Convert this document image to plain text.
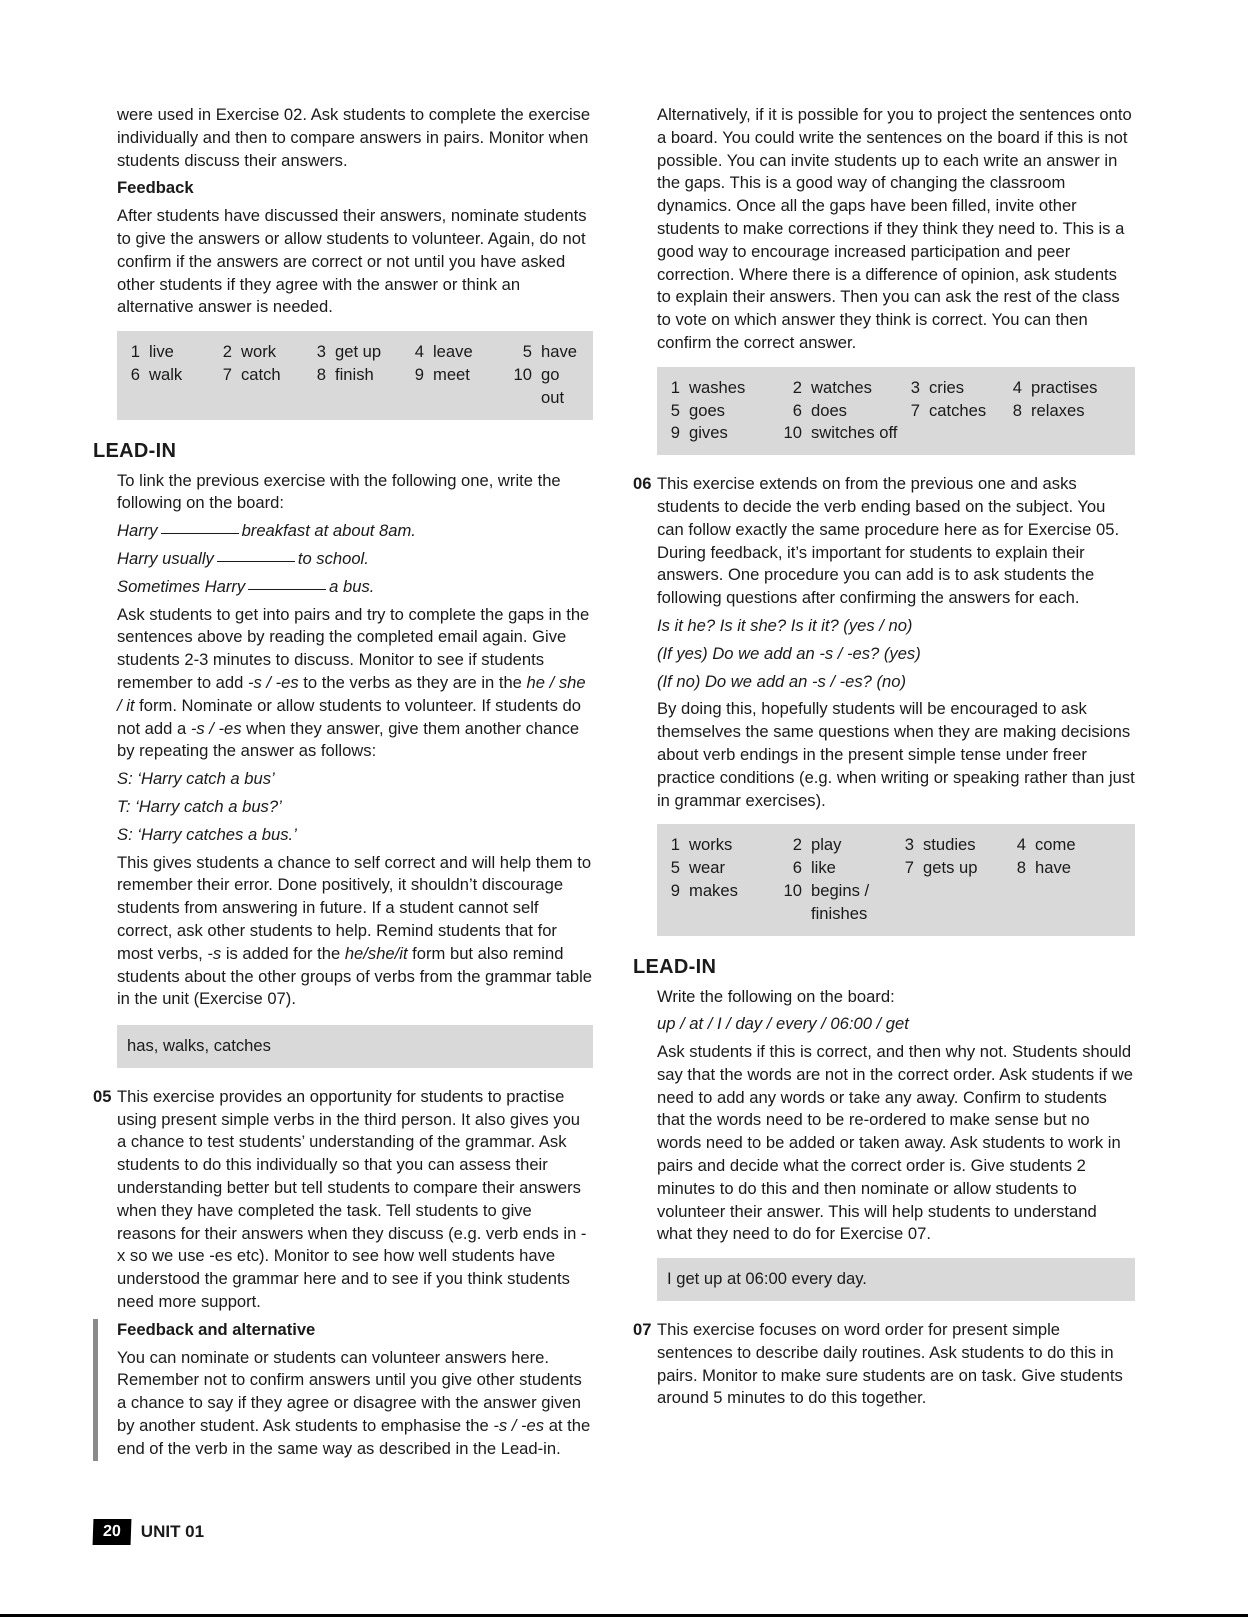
were used in Exercise 02. Ask students to complete the exercise individually and then to compare answers in pairs. Monitor when students discuss their answers.
Feedback
After students have discussed their answers, nominate students to give the answers or allow students to volunteer. Again, do not confirm if the answers are correct or not until you have asked other students if they agree with the answer or think an alternative answer is needed.
1 live	2 work	3 get up	4 leave	5 have
6 walk	7 catch	8 finish	9 meet	10 go out
LEAD-IN
To link the previous exercise with the following one, write the following on the board:
Harry	breakfast at about 8am.
Harry usually	to school.
Sometimes Harry	a bus.
Ask students to get into pairs and try to complete the gaps in the sentences above by reading the completed email again. Give students 2-3 minutes to discuss. Monitor to see if students remember to add -s / -es to the verbs as they are in the he / she / it form. Nominate or allow students to volunteer. If students do not add a -s / -es when they answer, give them another chance by repeating the answer as follows:
S: ‘Harry catch a bus’
T: ‘Harry catch a bus?’
S: ‘Harry catches a bus.’
This gives students a chance to self correct and will help them to remember their error. Done positively, it shouldn’t discourage students from answering in future. If a student cannot self correct, ask other students to help. Remind students that for most verbs, -s is added for the he/she/it form but also remind students about the other groups of verbs from the grammar table in the unit (Exercise 07).
has, walks, catches
05 This exercise provides an opportunity for students to practise using present simple verbs in the third person. It also gives you a chance to test students’ understanding of the grammar. Ask students to do this individually so that you can assess their understanding better but tell students to compare their answers when they have completed the task. Tell students to give reasons for their answers when they discuss (e.g. verb ends in -x so we use -es etc). Monitor to see how well students have understood the grammar here and to see if you think students need more support.
Feedback and alternative
You can nominate or students can volunteer answers here. Remember not to confirm answers until you give other students a chance to say if they agree or disagree with the answer given by another student. Ask students to emphasise the -s / -es at the end of the verb in the same way as described in the Lead-in.
Alternatively, if it is possible for you to project the sentences onto a board. You could write the sentences on the board if this is not possible. You can invite students up to each write an answer in the gaps. This is a good way of changing the classroom dynamics. Once all the gaps have been filled, invite other students to make corrections if they think they need to. This is a good way to encourage increased participation and peer correction. Where there is a difference of opinion, ask students to explain their answers. Then you can ask the rest of the class to vote on which answer they think is correct. You can then confirm the correct answer.
1 washes	2 watches	3 cries	4 practises
5 goes	6 does	7 catches	8 relaxes
9 gives	10 switches off
06 This exercise extends on from the previous one and asks students to decide the verb ending based on the subject. You can follow exactly the same procedure here as for Exercise 05. During feedback, it’s important for students to explain their answers. One procedure you can add is to ask students the following questions after confirming the answers for each.
Is it he? Is it she? Is it it? (yes / no)
(If yes) Do we add an -s / -es? (yes)
(If no) Do we add an -s / -es? (no)
By doing this, hopefully students will be encouraged to ask themselves the same questions when they are making decisions about verb endings in the present simple tense under freer practice conditions (e.g. when writing or speaking rather than just in grammar exercises).
1 works	2 play	3 studies	4 come
5 wear	6 like	7 gets up	8 have
9 makes	10 begins / finishes
LEAD-IN
Write the following on the board:
up / at / I / day / every / 06:00 / get
Ask students if this is correct, and then why not. Students should say that the words are not in the correct order. Ask students if we need to add any words or take any away. Confirm to students that the words need to be re-ordered to make sense but no words need to be added or taken away. Ask students to work in pairs and decide what the correct order is. Give students 2 minutes to do this and then nominate or allow students to volunteer their answer. This will help students to understand what they need to do for Exercise 07.
I get up at 06:00 every day.
07 This exercise focuses on word order for present simple sentences to describe daily routines. Ask students to do this in pairs. Monitor to make sure students are on task. Give students around 5 minutes to do this together.
20	UNIT 01
